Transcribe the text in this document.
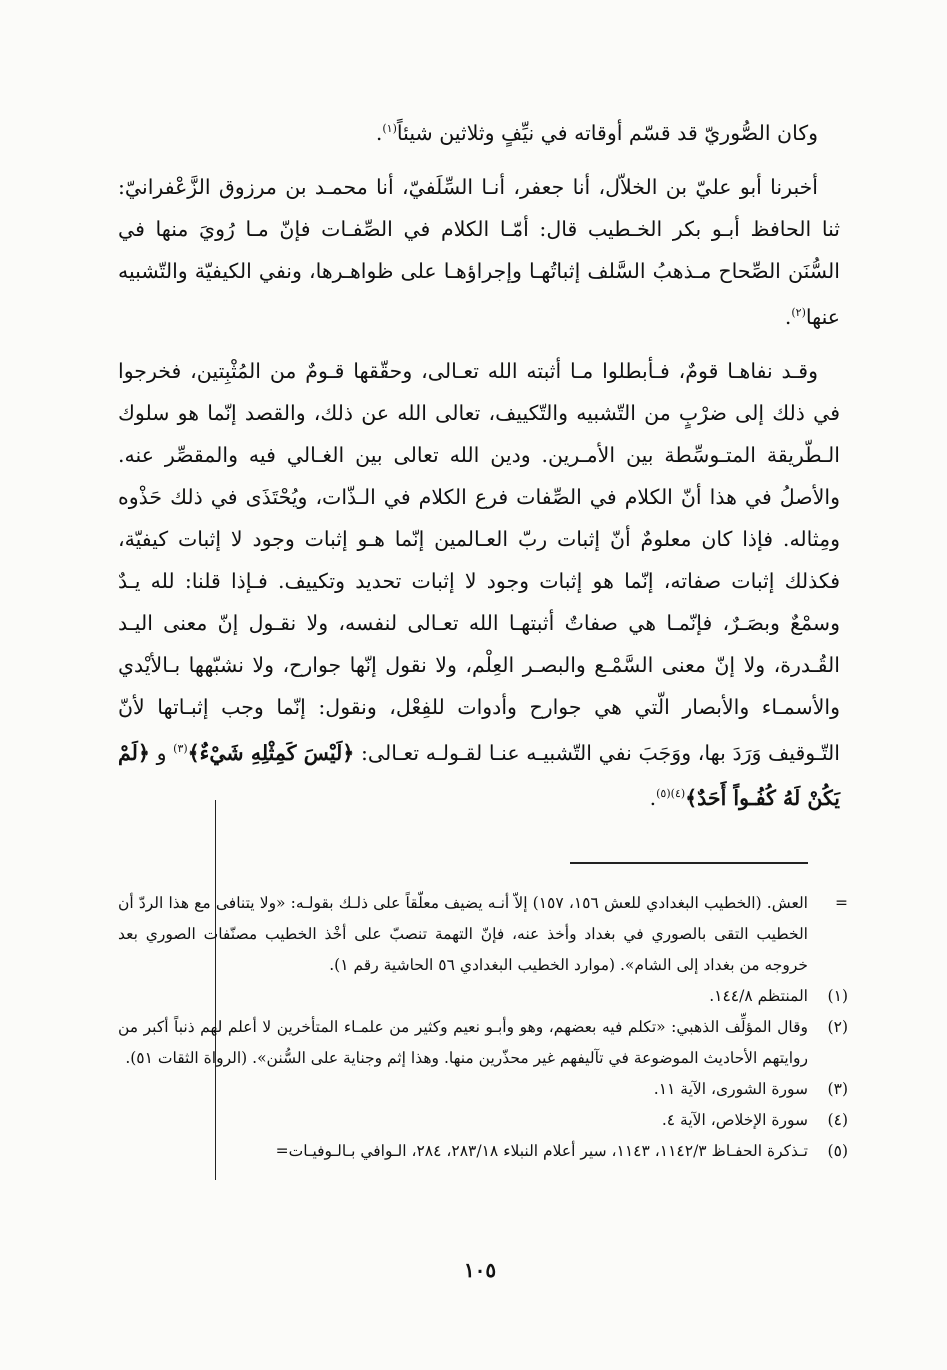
وكان الصُّوريّ قد قسّم أوقاته في نيِّفٍ وثلاثين شيئاً$^{(١)}$.

أخبرنا أبو عليّ بن الخلاّل، أنا جعفر، أنـا السِّلَفيّ، أنا محمـد بن مرزوق الزَّعْفرانيّ: ثنا الحافظ أبـو بكر الخـطيب قال: أمّـا الكلام في الصِّفـات فإنّ مـا رُويَ منها في السُّنَن الصِّحاح مـذهبُ السَّلف إثباتُهـا وإجراؤهـا على ظواهـرها، ونفي الكيفيّة والتّشبيه عنها$^{(٢)}$.

وقـد نفاهـا قومٌ، فـأبطلوا مـا أثبته الله تعـالى، وحقّقها قـومٌ من المُثْبِتين، فخرجوا في ذلك إلى ضرْبٍ من التّشبيه والتّكييف، تعالى الله عن ذلك، والقصد إنّما هو سلوك الـطّريقة المتـوسِّطة بين الأمـرين. ودين الله تعالى بين الغـالي فيه والمقصِّر عنه. والأصلُ في هذا أنّ الكلام في الصِّفات فرع الكلام في الـذّات، ويُحْتَذَى في ذلك حَذْوه ومِثاله. فإذا كان معلومٌ أنّ إثبات ربّ العـالمين إنّما هـو إثبات وجود لا إثبات كيفيّة، فكذلك إثبات صفاته، إنّما هو إثبات وجود لا إثبات تحديد وتكييف. فـإذا قلنا: لله يـدٌ وسمْعٌ وبصَـرٌ، فإنّمـا هي صفاتٌ أثبتهـا الله تعـالى لنفسه، ولا نقـول إنّ معنى اليـد القُـدرة، ولا إنّ معنى السَّمْـع والبصـر العِلْم، ولا نقول إنّها جوارح، ولا نشبّهها بـالأيْدي والأسمـاء والأبصار الّتي هي جوارح وأدوات للفِعْل، ونقول: إنّما وجب إثبـاتها لأنّ التّـوقيف وَرَدَ بها، ووَجَبَ نفي التّشبيـه عنـا لقـولـه تعـالى: ﴿لَيْسَ كَمِثْلِهِ شَيْءٌ﴾$^{(٣)}$ و ﴿لَمْ يَكُنْ لَهُ كُفُـواً أَحَدٌ﴾$^{(٤)(٥)}$.

=
العش. (الخطيب البغدادي للعش ١٥٦، ١٥٧) إلاّ أنـه يضيف معلّقاً على ذلـك بقولـه: «ولا يتنافى مع هذا الردّ أن الخطيب التقى بالصوري في بغداد وأخذ عنه، فإنّ التهمة تنصبّ على أخْذ الخطيب مصنّفات الصوري بعد خروجه من بغداد إلى الشام». (موارد الخطيب البغدادي ٥٦ الحاشية رقم ١).
(١)
المنتظم ١٤٤/٨.
(٢)
وقال المؤلِّف الذهبي: «تكلم فيه بعضهم، وهو وأبـو نعيم وكثير من علمـاء المتأخرين لا أعلم لهم ذنباً أكبر من روايتهم الأحاديث الموضوعة في تآليفهم غير محذّرين منها. وهذا إثم وجناية على السُّنن». (الرواة الثقات ٥١).
(٣)
سورة الشورى، الآية ١١.
(٤)
سورة الإخلاص، الآية ٤.
(٥)
تـذكرة الحفـاظ ١١٤٢/٣، ١١٤٣، سير أعلام النبلاء ٢٨٣/١٨، ٢٨٤، الـوافي بـالـوفيـات=
١٠٥
